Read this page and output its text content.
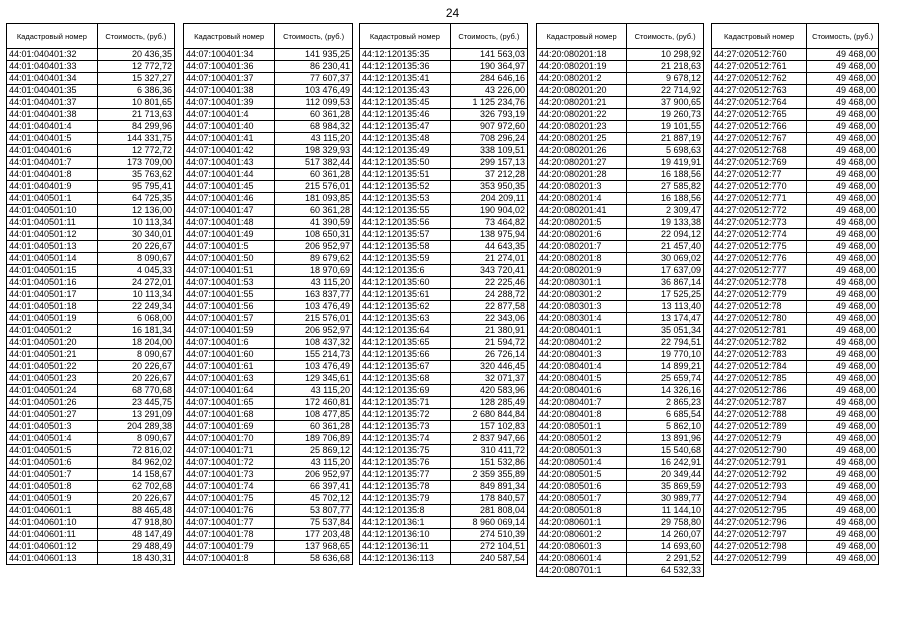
24
Кадастровый номер	Стоимость, (руб.)
44:01:040401:32	20 436,35
44:01:040401:33	12 772,72
44:01:040401:34	15 327,27
44:01:040401:35	6 386,36
44:01:040401:37	10 801,65
44:01:040401:38	21 713,63
44:01:040401:4	84 299,96
44:01:040401:5	144 331,75
44:01:040401:6	12 772,72
44:01:040401:7	173 709,00
44:01:040401:8	35 763,62
44:01:040401:9	95 795,41
44:01:040501:1	64 725,35
44:01:040501:10	12 136,00
44:01:040501:11	10 113,34
44:01:040501:12	30 340,01
44:01:040501:13	20 226,67
44:01:040501:14	8 090,67
44:01:040501:15	4 045,33
44:01:040501:16	24 272,01
44:01:040501:17	10 113,34
44:01:040501:18	22 249,34
44:01:040501:19	6 068,00
44:01:040501:2	16 181,34
44:01:040501:20	18 204,00
44:01:040501:21	8 090,67
44:01:040501:22	20 226,67
44:01:040501:23	20 226,67
44:01:040501:24	68 770,68
44:01:040501:26	23 445,75
44:01:040501:27	13 291,09
44:01:040501:3	204 289,38
44:01:040501:4	8 090,67
44:01:040501:5	72 816,02
44:01:040501:6	84 962,02
44:01:040501:7	14 158,67
44:01:040501:8	62 702,68
44:01:040501:9	20 226,67
44:01:040601:1	88 465,48
44:01:040601:10	47 918,80
44:01:040601:11	48 147,49
44:01:040601:12	29 488,49
44:01:040601:13	18 430,31
Кадастровый номер	Стоимость, (руб.)
44:07:100401:34	141 935,25
44:07:100401:36	86 230,41
44:07:100401:37	77 607,37
44:07:100401:38	103 476,49
44:07:100401:39	112 099,53
44:07:100401:4	60 361,28
44:07:100401:40	68 984,32
44:07:100401:41	43 115,20
44:07:100401:42	198 329,93
44:07:100401:43	517 382,44
44:07:100401:44	60 361,28
44:07:100401:45	215 576,01
44:07:100401:46	181 093,85
44:07:100401:47	60 361,28
44:07:100401:48	41 390,59
44:07:100401:49	108 650,31
44:07:100401:5	206 952,97
44:07:100401:50	89 679,62
44:07:100401:51	18 970,69
44:07:100401:53	43 115,20
44:07:100401:55	163 837,77
44:07:100401:56	103 476,49
44:07:100401:57	215 576,01
44:07:100401:59	206 952,97
44:07:100401:6	108 437,32
44:07:100401:60	155 214,73
44:07:100401:61	103 476,49
44:07:100401:63	129 345,61
44:07:100401:64	43 115,20
44:07:100401:65	172 460,81
44:07:100401:68	108 477,85
44:07:100401:69	60 361,28
44:07:100401:70	189 706,89
44:07:100401:71	25 869,12
44:07:100401:72	43 115,20
44:07:100401:73	206 952,97
44:07:100401:74	66 397,41
44:07:100401:75	45 702,12
44:07:100401:76	53 807,77
44:07:100401:77	75 537,84
44:07:100401:78	177 203,48
44:07:100401:79	137 968,65
44:07:100401:8	58 636,68
Кадастровый номер	Стоимость, (руб.)
44:12:120135:35	141 563,03
44:12:120135:36	190 364,97
44:12:120135:41	284 646,16
44:12:120135:43	43 226,00
44:12:120135:45	1 125 234,76
44:12:120135:46	326 793,19
44:12:120135:47	907 972,60
44:12:120135:48	708 296,24
44:12:120135:49	338 109,51
44:12:120135:50	299 157,13
44:12:120135:51	37 212,28
44:12:120135:52	353 950,35
44:12:120135:53	204 209,11
44:12:120135:55	190 904,02
44:12:120135:56	73 464,82
44:12:120135:57	138 975,94
44:12:120135:58	44 643,35
44:12:120135:59	21 274,01
44:12:120135:6	343 720,41
44:12:120135:60	22 225,46
44:12:120135:61	24 288,72
44:12:120135:62	22 877,58
44:12:120135:63	22 343,06
44:12:120135:64	21 380,91
44:12:120135:65	21 594,72
44:12:120135:66	26 726,14
44:12:120135:67	320 446,45
44:12:120135:68	32 071,37
44:12:120135:69	420 583,96
44:12:120135:71	128 285,49
44:12:120135:72	2 680 844,84
44:12:120135:73	157 102,83
44:12:120135:74	2 837 947,66
44:12:120135:75	310 411,72
44:12:120135:76	151 532,86
44:12:120135:77	2 359 355,89
44:12:120135:78	849 891,34
44:12:120135:79	178 840,57
44:12:120135:8	281 808,04
44:12:120136:1	8 960 069,14
44:12:120136:10	274 510,39
44:12:120136:11	272 104,51
44:12:120136:113	240 587,54
Кадастровый номер	Стоимость, (руб.)
44:20:080201:18	10 298,92
44:20:080201:19	21 218,63
44:20:080201:2	9 678,12
44:20:080201:20	22 714,92
44:20:080201:21	37 900,65
44:20:080201:22	19 260,73
44:20:080201:23	19 101,55
44:20:080201:25	21 887,19
44:20:080201:26	5 698,63
44:20:080201:27	19 419,91
44:20:080201:28	16 188,56
44:20:080201:3	27 585,82
44:20:080201:4	16 188,56
44:20:080201:41	2 309,47
44:20:080201:5	19 133,38
44:20:080201:6	22 094,12
44:20:080201:7	21 457,40
44:20:080201:8	30 069,02
44:20:080201:9	17 637,09
44:20:080301:1	36 867,14
44:20:080301:2	17 525,25
44:20:080301:3	13 113,40
44:20:080301:4	13 174,47
44:20:080401:1	35 051,34
44:20:080401:2	22 794,51
44:20:080401:3	19 770,10
44:20:080401:4	14 899,21
44:20:080401:5	25 659,74
44:20:080401:6	14 326,16
44:20:080401:7	2 865,23
44:20:080401:8	6 685,54
44:20:080501:1	5 862,10
44:20:080501:2	13 891,96
44:20:080501:3	15 540,68
44:20:080501:4	16 242,91
44:20:080501:5	20 349,44
44:20:080501:6	35 869,59
44:20:080501:7	30 989,77
44:20:080501:8	11 144,10
44:20:080601:1	29 758,80
44:20:080601:2	14 260,07
44:20:080601:3	14 693,60
44:20:080601:4	2 291,52
44:20:080701:1	64 532,33
Кадастровый номер	Стоимость, (руб.)
44:27:020512:760	49 468,00
44:27:020512:761	49 468,00
44:27:020512:762	49 468,00
44:27:020512:763	49 468,00
44:27:020512:764	49 468,00
44:27:020512:765	49 468,00
44:27:020512:766	49 468,00
44:27:020512:767	49 468,00
44:27:020512:768	49 468,00
44:27:020512:769	49 468,00
44:27:020512:77	49 468,00
44:27:020512:770	49 468,00
44:27:020512:771	49 468,00
44:27:020512:772	49 468,00
44:27:020512:773	49 468,00
44:27:020512:774	49 468,00
44:27:020512:775	49 468,00
44:27:020512:776	49 468,00
44:27:020512:777	49 468,00
44:27:020512:778	49 468,00
44:27:020512:779	49 468,00
44:27:020512:78	49 468,00
44:27:020512:780	49 468,00
44:27:020512:781	49 468,00
44:27:020512:782	49 468,00
44:27:020512:783	49 468,00
44:27:020512:784	49 468,00
44:27:020512:785	49 468,00
44:27:020512:786	49 468,00
44:27:020512:787	49 468,00
44:27:020512:788	49 468,00
44:27:020512:789	49 468,00
44:27:020512:79	49 468,00
44:27:020512:790	49 468,00
44:27:020512:791	49 468,00
44:27:020512:792	49 468,00
44:27:020512:793	49 468,00
44:27:020512:794	49 468,00
44:27:020512:795	49 468,00
44:27:020512:796	49 468,00
44:27:020512:797	49 468,00
44:27:020512:798	49 468,00
44:27:020512:799	49 468,00
